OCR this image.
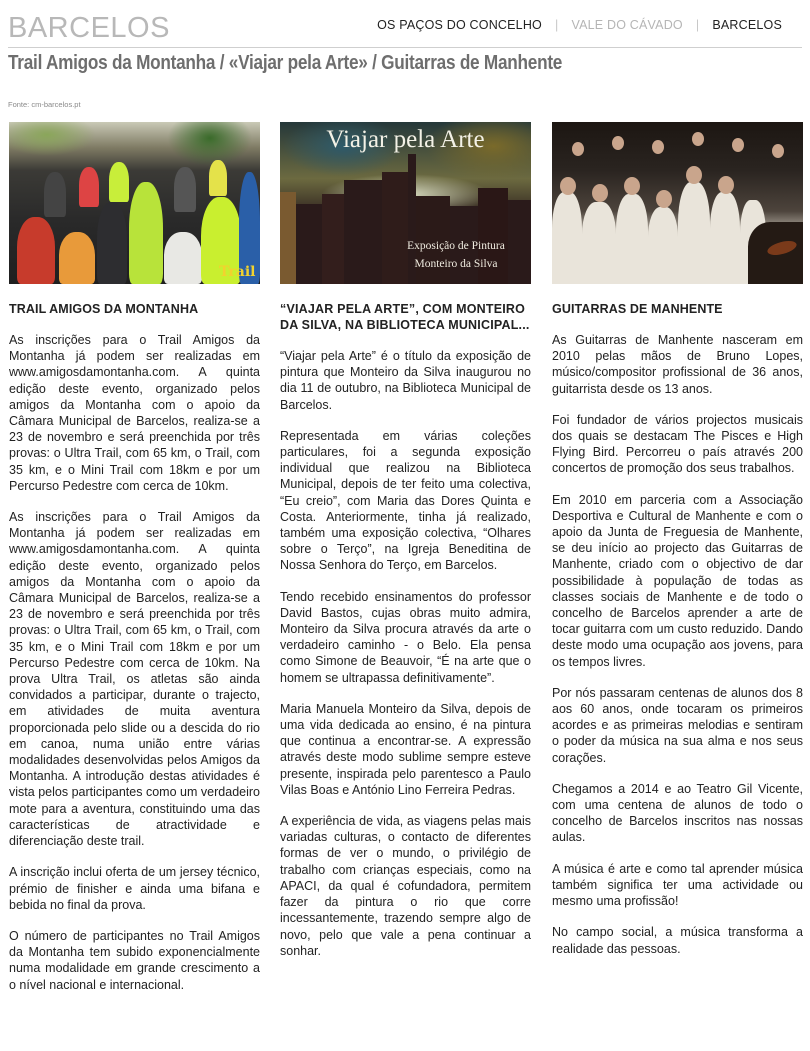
BARCELOS	OS PAÇOS DO CONCELHO | VALE DO CÁVADO | BARCELOS
Trail Amigos da Montanha / «Viajar pela Arte» / Guitarras de Manhente
Fonte: cm-barcelos.pt
Trail
TRAIL AMIGOS DA MONTANHA

As inscrições para o Trail Amigos da Montanha já podem ser realizadas em www.amigosdamontanha.com. A quinta edição deste evento, organizado pelos amigos da Montanha com o apoio da Câmara Municipal de Barcelos, realiza-se a 23 de novembro e será preenchida por três provas: o Ultra Trail, com 65 km, o Trail, com 35 km, e o Mini Trail com 18km e por um Percurso Pedestre com cerca de 10km.

As inscrições para o Trail Amigos da Montanha já podem ser realizadas em www.amigosdamontanha.com. A quinta edição deste evento, organizado pelos amigos da Montanha com o apoio da Câmara Municipal de Barcelos, realiza-se a 23 de novembro e será preenchida por três provas: o Ultra Trail, com 65 km, o Trail, com 35 km, e o Mini Trail com 18km e por um Percurso Pedestre com cerca de 10km. Na prova Ultra Trail, os atletas são ainda convidados a participar, durante o trajecto, em atividades de muita aventura proporcionada pelo slide ou a descida do rio em canoa, numa união entre várias modalidades desenvolvidas pelos Amigos da Montanha. A introdução destas atividades é vista pelos participantes como um verdadeiro mote para a aventura, constituindo uma das características de atractividade e diferenciação deste trail.

A inscrição inclui oferta de um jersey técnico, prémio de finisher e ainda uma bifana e bebida no final da prova.

O número de participantes no Trail Amigos da Montanha tem subido exponencialmente numa modalidade em grande crescimento a o nível nacional e internacional.

Viajar pela Arte
Exposição de Pintura
Monteiro da Silva
“VIAJAR PELA ARTE”, COM MONTEIRO DA SILVA, NA BIBLIOTECA MUNICIPAL...

“Viajar pela Arte” é o título da exposição de pintura que Monteiro da Silva inaugurou no dia 11 de outubro, na Biblioteca Municipal de Barcelos.

Representada em várias coleções particulares, foi a segunda exposição individual que realizou na Biblioteca Municipal, depois de ter feito uma colectiva, “Eu creio”, com Maria das Dores Quinta e Costa. Anteriormente, tinha já realizado, também uma exposição colectiva, “Olhares sobre o Terço”, na Igreja Beneditina de Nossa Senhora do Terço, em Barcelos.

Tendo recebido ensinamentos do professor David Bastos, cujas obras muito admira, Monteiro da Silva procura através da arte o verdadeiro caminho - o Belo. Ela pensa como Simone de Beauvoir, “É na arte que o homem se ultrapassa definitivamente”.

Maria Manuela Monteiro da Silva, depois de uma vida dedicada ao ensino, é na pintura que continua a encontrar-se. A expressão através deste modo sublime sempre esteve presente, inspirada pelo parentesco a Paulo Vilas Boas e António Lino Ferreira Pedras.

A experiência de vida, as viagens pelas mais variadas culturas, o contacto de diferentes formas de ver o mundo, o privilégio de trabalho com crianças especiais, como na APACI, da qual é cofundadora, permitem fazer da pintura o rio que corre incessantemente, trazendo sempre algo de novo, pelo que vale a pena continuar a sonhar.

GUITARRAS DE MANHENTE

As Guitarras de Manhente nasceram em 2010 pelas mãos de Bruno Lopes, músico/compositor profissional de 36 anos, guitarrista desde os 13 anos.

Foi fundador de vários projectos musicais dos quais se destacam The Pisces e High Flying Bird. Percorreu o país através 200 concertos de promoção dos seus trabalhos.

Em 2010 em parceria com a Associação Desportiva e Cultural de Manhente e com o apoio da Junta de Freguesia de Manhente, se deu início ao projecto das Guitarras de Manhente, criado com o objectivo de dar possibilidade à população de todas as classes sociais de Manhente e de todo o concelho de Barcelos aprender a arte de tocar guitarra com um custo reduzido. Dando deste modo uma ocupação aos jovens, para os tempos livres.

Por nós passaram centenas de alunos dos 8 aos 60 anos, onde tocaram os primeiros acordes e as primeiras melodias e sentiram o poder da música na sua alma e nos seus corações.

Chegamos a 2014 e ao Teatro Gil Vicente, com uma centena de alunos de todo o concelho de Barcelos inscritos nas nossas aulas.

A música é arte e como tal aprender música também significa ter uma actividade ou mesmo uma profissão!

No campo social, a música transforma a realidade das pessoas.
